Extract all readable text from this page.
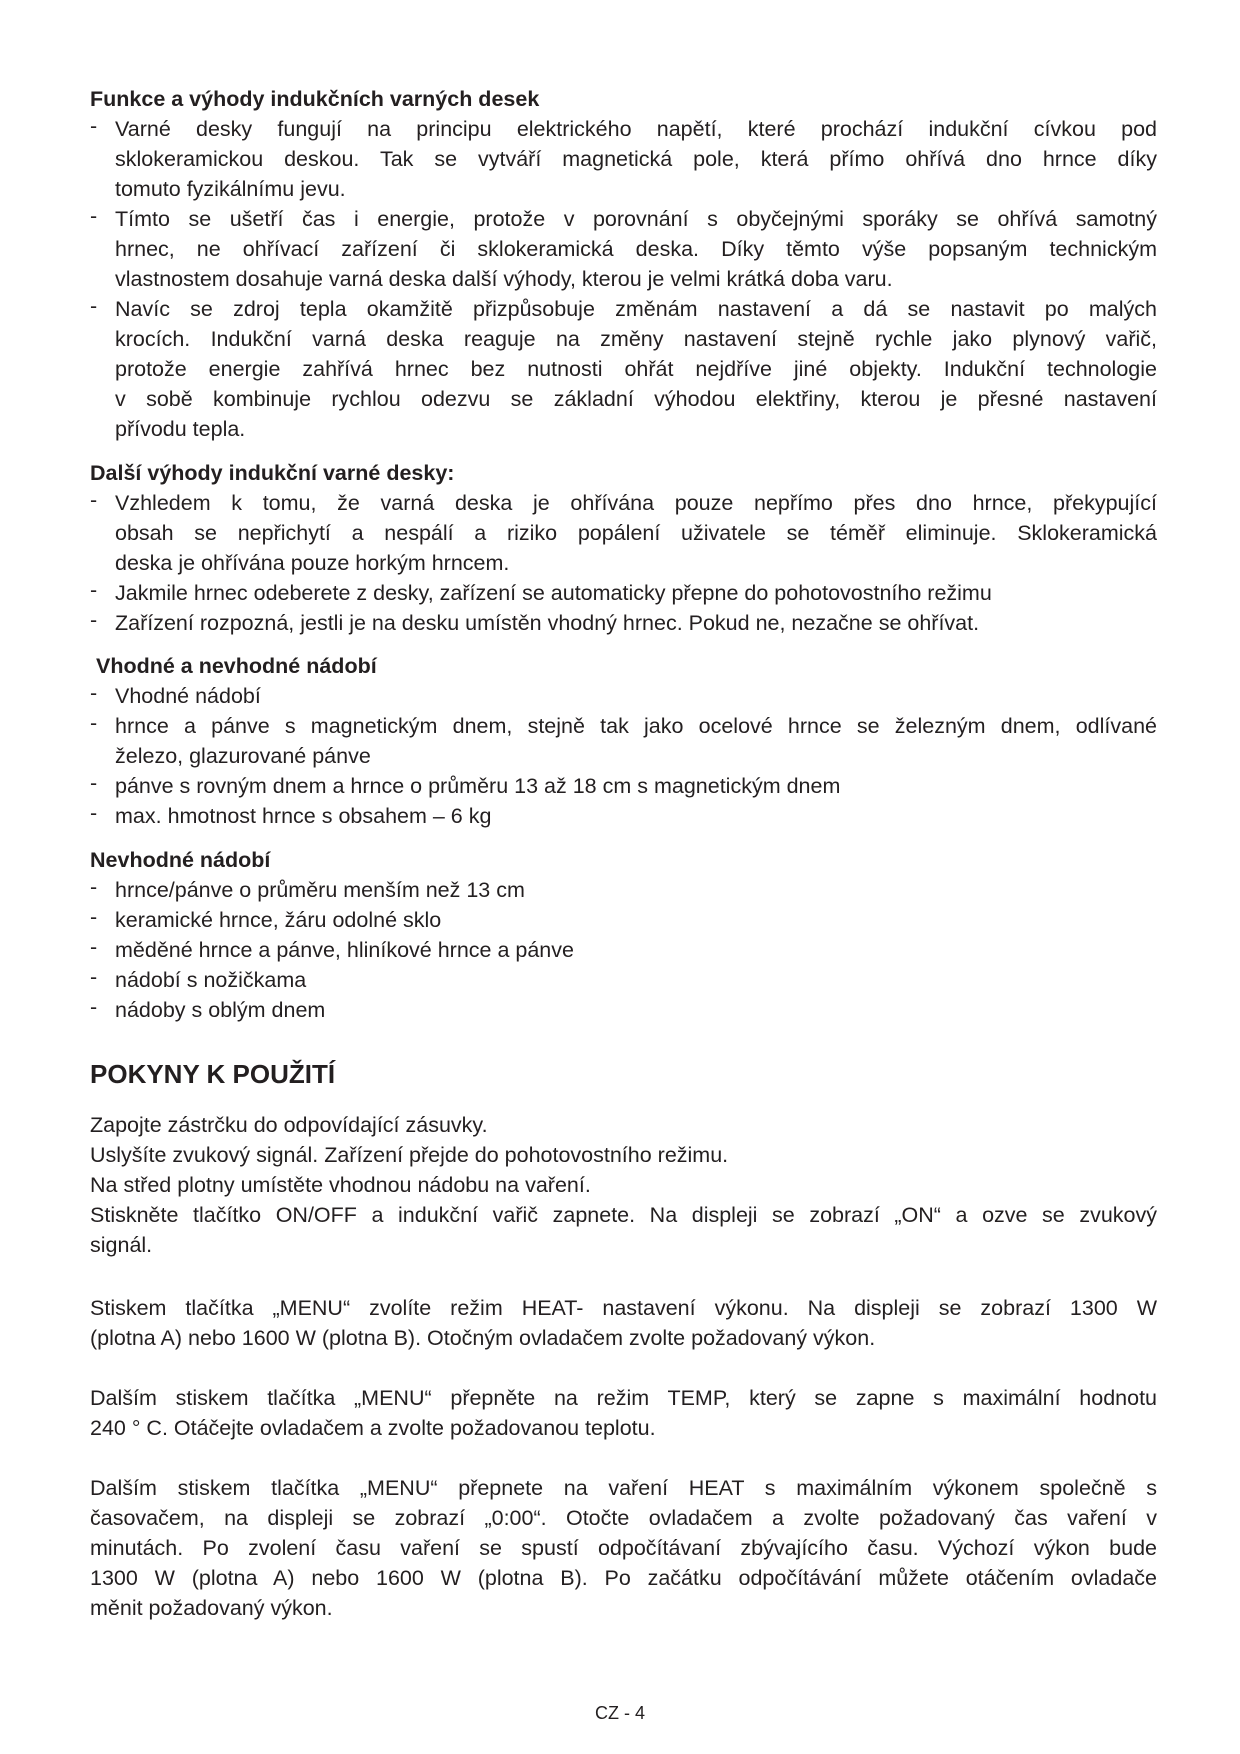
Funkce a výhody indukčních varných desek
- Varné desky fungují na principu elektrického napětí, které prochází indukční cívkou pod
sklokeramickou deskou. Tak se vytváří magnetická pole, která přímo ohřívá dno hrnce díky
tomuto fyzikálnímu jevu.
- Tímto se ušetří čas i energie, protože v porovnání s obyčejnými sporáky se ohřívá samotný
hrnec, ne ohřívací zařízení či sklokeramická deska. Díky těmto výše popsaným technickým
vlastnostem dosahuje varná deska další výhody, kterou je velmi krátká doba varu.
- Navíc se zdroj tepla okamžitě přizpůsobuje změnám nastavení a dá se nastavit po malých
krocích. Indukční varná deska reaguje na změny nastavení stejně rychle jako plynový vařič,
protože energie zahřívá hrnec bez nutnosti ohřát nejdříve jiné objekty. Indukční technologie
v sobě kombinuje rychlou odezvu se základní výhodou elektřiny, kterou je přesné nastavení
přívodu tepla.
Další výhody indukční varné desky:
- Vzhledem k tomu, že varná deska je ohřívána pouze nepřímo přes dno hrnce, překypující
obsah se nepřichytí a nespálí a riziko popálení uživatele se téměř eliminuje. Sklokeramická
deska je ohřívána pouze horkým hrncem.
- Jakmile hrnec odeberete z desky, zařízení se automaticky přepne do pohotovostního režimu
- Zařízení rozpozná, jestli je na desku umístěn vhodný hrnec. Pokud ne, nezačne se ohřívat.
Vhodné a nevhodné nádobí
- Vhodné nádobí
- hrnce a pánve s magnetickým dnem, stejně tak jako ocelové hrnce se železným dnem, odlívané
železo, glazurované pánve
- pánve s rovným dnem a hrnce o průměru 13 až 18 cm s magnetickým dnem
- max. hmotnost hrnce s obsahem – 6 kg
Nevhodné nádobí
- hrnce/pánve o průměru menším než 13 cm
- keramické hrnce, žáru odolné sklo
- měděné hrnce a pánve, hliníkové hrnce a pánve
- nádobí s nožičkama
- nádoby s oblým dnem
POKYNY K POUŽITÍ
Zapojte zástrčku do odpovídající zásuvky.
Uslyšíte zvukový signál. Zařízení přejde do pohotovostního režimu.
Na střed plotny umístěte vhodnou nádobu na vaření.
Stiskněte tlačítko ON/OFF a indukční vařič zapnete. Na displeji se zobrazí „ON“ a ozve se zvukový
signál.
Stiskem tlačítka „MENU“ zvolíte režim HEAT- nastavení výkonu. Na displeji se zobrazí 1300 W
(plotna A) nebo 1600 W (plotna B). Otočným ovladačem zvolte požadovaný výkon.
Dalším stiskem tlačítka „MENU“ přepněte na režim TEMP, který se zapne s maximální hodnotu
240 ° C. Otáčejte ovladačem a zvolte požadovanou teplotu.
Dalším stiskem tlačítka „MENU“ přepnete na vaření HEAT s maximálním výkonem společně s
časovačem, na displeji se zobrazí „0:00“. Otočte ovladačem a zvolte požadovaný čas vaření v
minutách. Po zvolení času vaření se spustí odpočítávaní zbývajícího času. Výchozí výkon bude
1300 W (plotna A) nebo 1600 W (plotna B). Po začátku odpočítávání můžete otáčením ovladače
měnit požadovaný výkon.
CZ - 4
